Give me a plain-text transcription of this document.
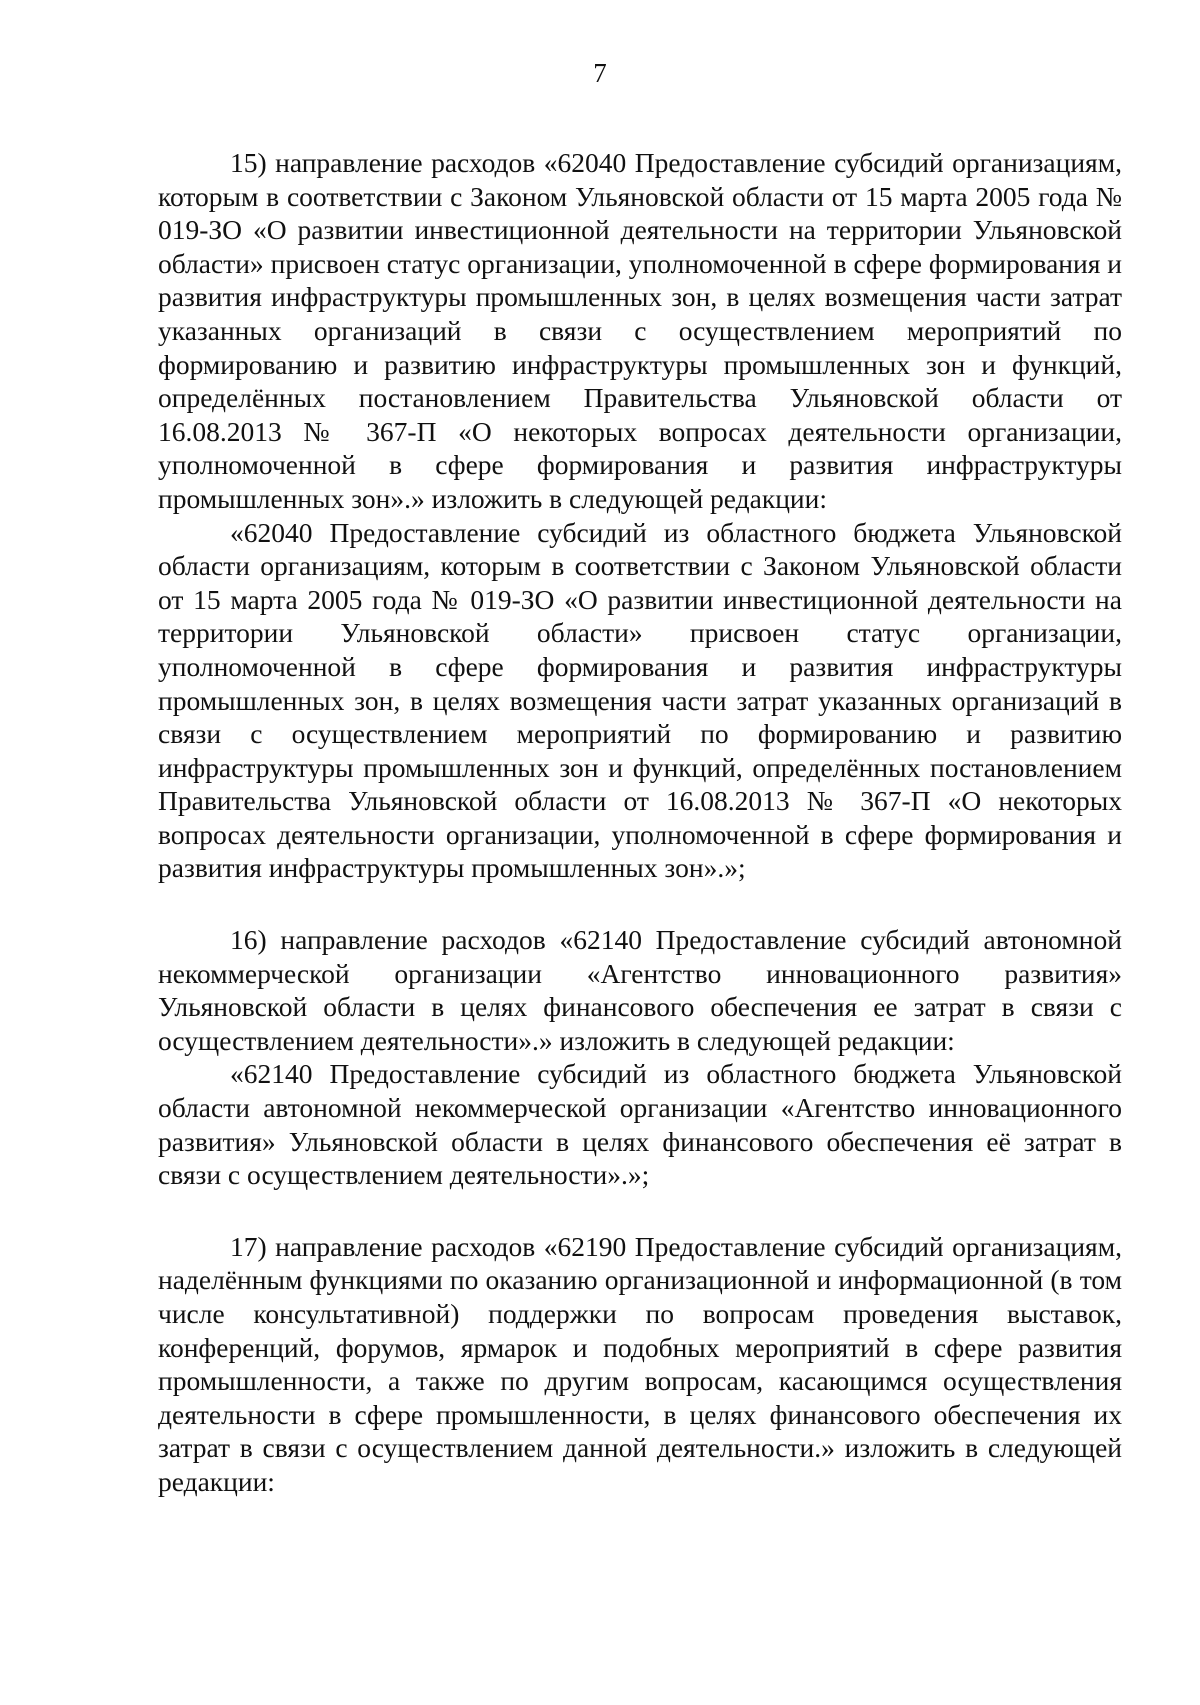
7

15) направление расходов «62040 Предоставление субсидий организациям, которым в соответствии с Законом Ульяновской области от 15 марта 2005 года № 019-ЗО «О развитии инвестиционной деятельности на территории Ульяновской области» присвоен статус организации, уполномоченной в сфере формирования и развития инфраструктуры промышленных зон, в целях возмещения части затрат указанных организаций в связи с осуществлением мероприятий по формированию и развитию инфраструктуры промышленных зон и функций, определённых постановлением Правительства Ульяновской области от 16.08.2013 № 367-П «О некоторых вопросах деятельности организации, уполномоченной в сфере формирования и развития инфраструктуры промышленных зон».» изложить в следующей редакции:

«62040 Предоставление субсидий из областного бюджета Ульяновской области организациям, которым в соответствии с Законом Ульяновской области от 15 марта 2005 года № 019-ЗО «О развитии инвестиционной деятельности на территории Ульяновской области» присвоен статус организации, уполномоченной в сфере формирования и развития инфраструктуры промышленных зон, в целях возмещения части затрат указанных организаций в связи с осуществлением мероприятий по формированию и развитию инфраструктуры промышленных зон и функций, определённых постановлением Правительства Ульяновской области от 16.08.2013 № 367-П «О некоторых вопросах деятельности организации, уполномоченной в сфере формирования и развития инфраструктуры промышленных зон».»;

16) направление расходов «62140 Предоставление субсидий автономной некоммерческой организации «Агентство инновационного развития» Ульяновской области в целях финансового обеспечения ее затрат в связи с осуществлением деятельности».» изложить в следующей редакции:

«62140 Предоставление субсидий из областного бюджета Ульяновской области автономной некоммерческой организации «Агентство инновационного развития» Ульяновской области в целях финансового обеспечения её затрат в связи с осуществлением деятельности».»;

17) направление расходов «62190 Предоставление субсидий организациям, наделённым функциями по оказанию организационной и информационной (в том числе консультативной) поддержки по вопросам проведения выставок, конференций, форумов, ярмарок и подобных мероприятий в сфере развития промышленности, а также по другим вопросам, касающимся осуществления деятельности в сфере промышленности, в целях финансового обеспечения их затрат в связи с осуществлением данной деятельности.» изложить в следующей редакции:
